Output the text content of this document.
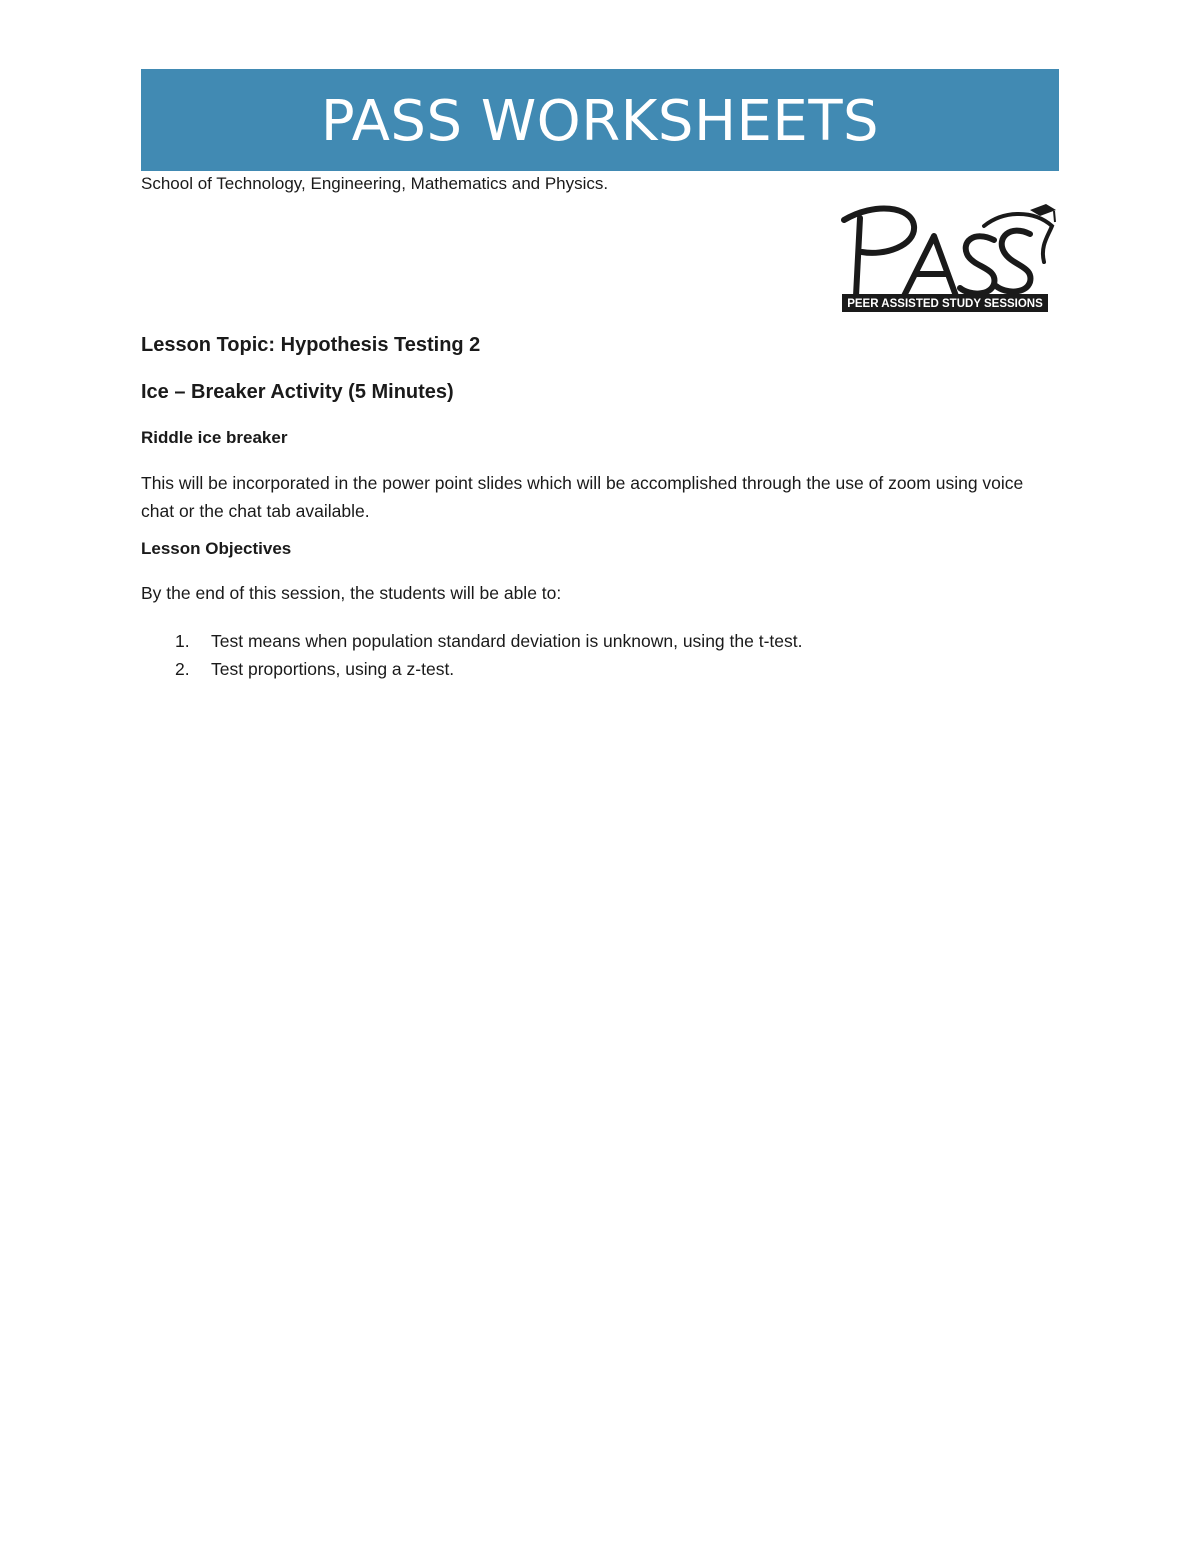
PASS WORKSHEETS
School of Technology, Engineering, Mathematics and Physics.
PEER ASSISTED STUDY SESSIONS
Lesson Topic: Hypothesis Testing 2
Ice – Breaker Activity (5 Minutes)
Riddle ice breaker
This will be incorporated in the power point slides which will be accomplished through the use of zoom using voice chat or the chat tab available.
Lesson Objectives
By the end of this session, the students will be able to:
1.	Test means when population standard deviation is unknown, using the t-test.
2.	Test proportions, using a z-test.
